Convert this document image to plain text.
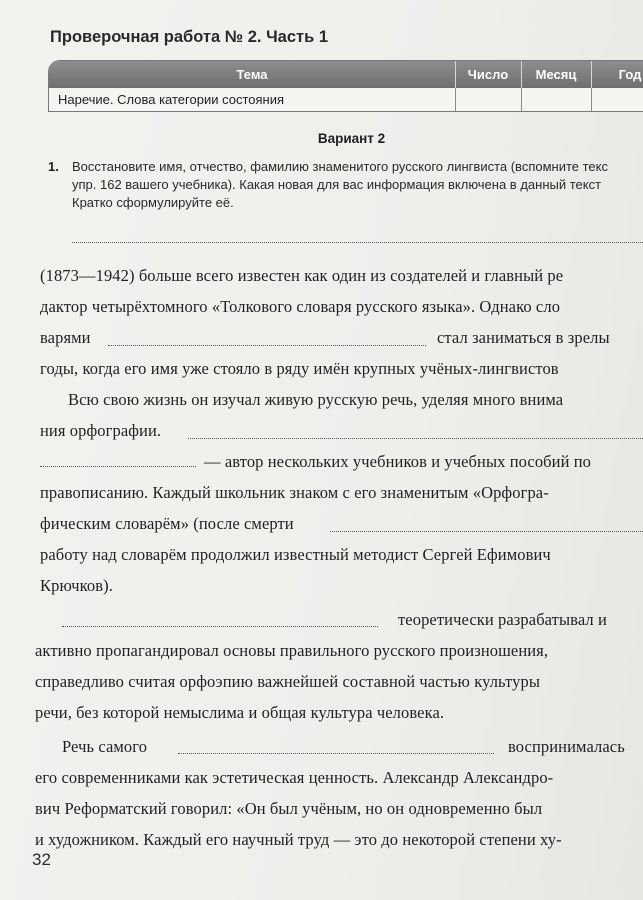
Проверочная работа № 2. Часть 1
Тема	Число	Месяц	Год
Наречие. Слова категории состояния
Вариант 2
1. Восстановите имя, отчество, фамилию знаменитого русского лингвиста (вспомните текс
упр. 162 вашего учебника). Какая новая для вас информация включена в данный текст
Кратко сформулируйте её.
(1873—1942) больше всего известен как один из создателей и главный ре
дактор четырёхтомного «Толкового словаря русского языка». Однако сло
варями	стал заниматься в зрелы
годы, когда его имя уже стояло в ряду имён крупных учёных-лингвистов
Всю свою жизнь он изучал живую русскую речь, уделяя много внима
ния орфографии.
— автор нескольких учебников и учебных пособий по
правописанию. Каждый школьник знаком с его знаменитым «Орфогра-
фическим словарём» (после смерти
работу над словарём продолжил известный методист Сергей Ефимович
Крючков).
теоретически разрабатывал и
активно пропагандировал основы правильного русского произношения,
справедливо считая орфоэпию важнейшей составной частью культуры
речи, без которой немыслима и общая культура человека.
Речь самого	воспринималась
его современниками как эстетическая ценность. Александр Александро-
вич Реформатский говорил: «Он был учёным, но он одновременно был
и художником. Каждый его научный труд — это до некоторой степени ху-
32
